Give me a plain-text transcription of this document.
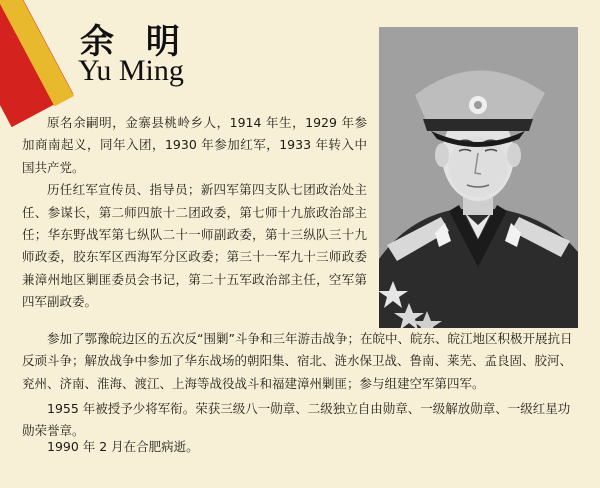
余 明
Yu Ming

原名余嗣明，金寨县桃岭乡人，1914 年生，1929 年参加商南起义，同年入团，1930 年参加红军，1933 年转入中国共产党。

历任红军宣传员、指导员；新四军第四支队七团政治处主任、参谋长，第二师四旅十二团政委，第七师十九旅政治部主任；华东野战军第七纵队二十一师副政委，第十三纵队三十九师政委，胶东军区西海军分区政委；第三十一军九十三师政委兼漳州地区剿匪委员会书记，第二十五军政治部主任，空军第四军副政委。

参加了鄂豫皖边区的五次反“围剿”斗争和三年游击战争；在皖中、皖东、皖江地区积极开展抗日反顽斗争；解放战争中参加了华东战场的朝阳集、宿北、涟水保卫战、鲁南、莱芜、孟良固、胶河、兖州、济南、淮海、渡江、上海等战役战斗和福建漳州剿匪；参与组建空军第四军。

1955 年被授予少将军衔。荣获三级八一勋章、二级独立自由勋章、一级解放勋章、一级红星功勋荣誉章。

1990 年 2 月在合肥病逝。
